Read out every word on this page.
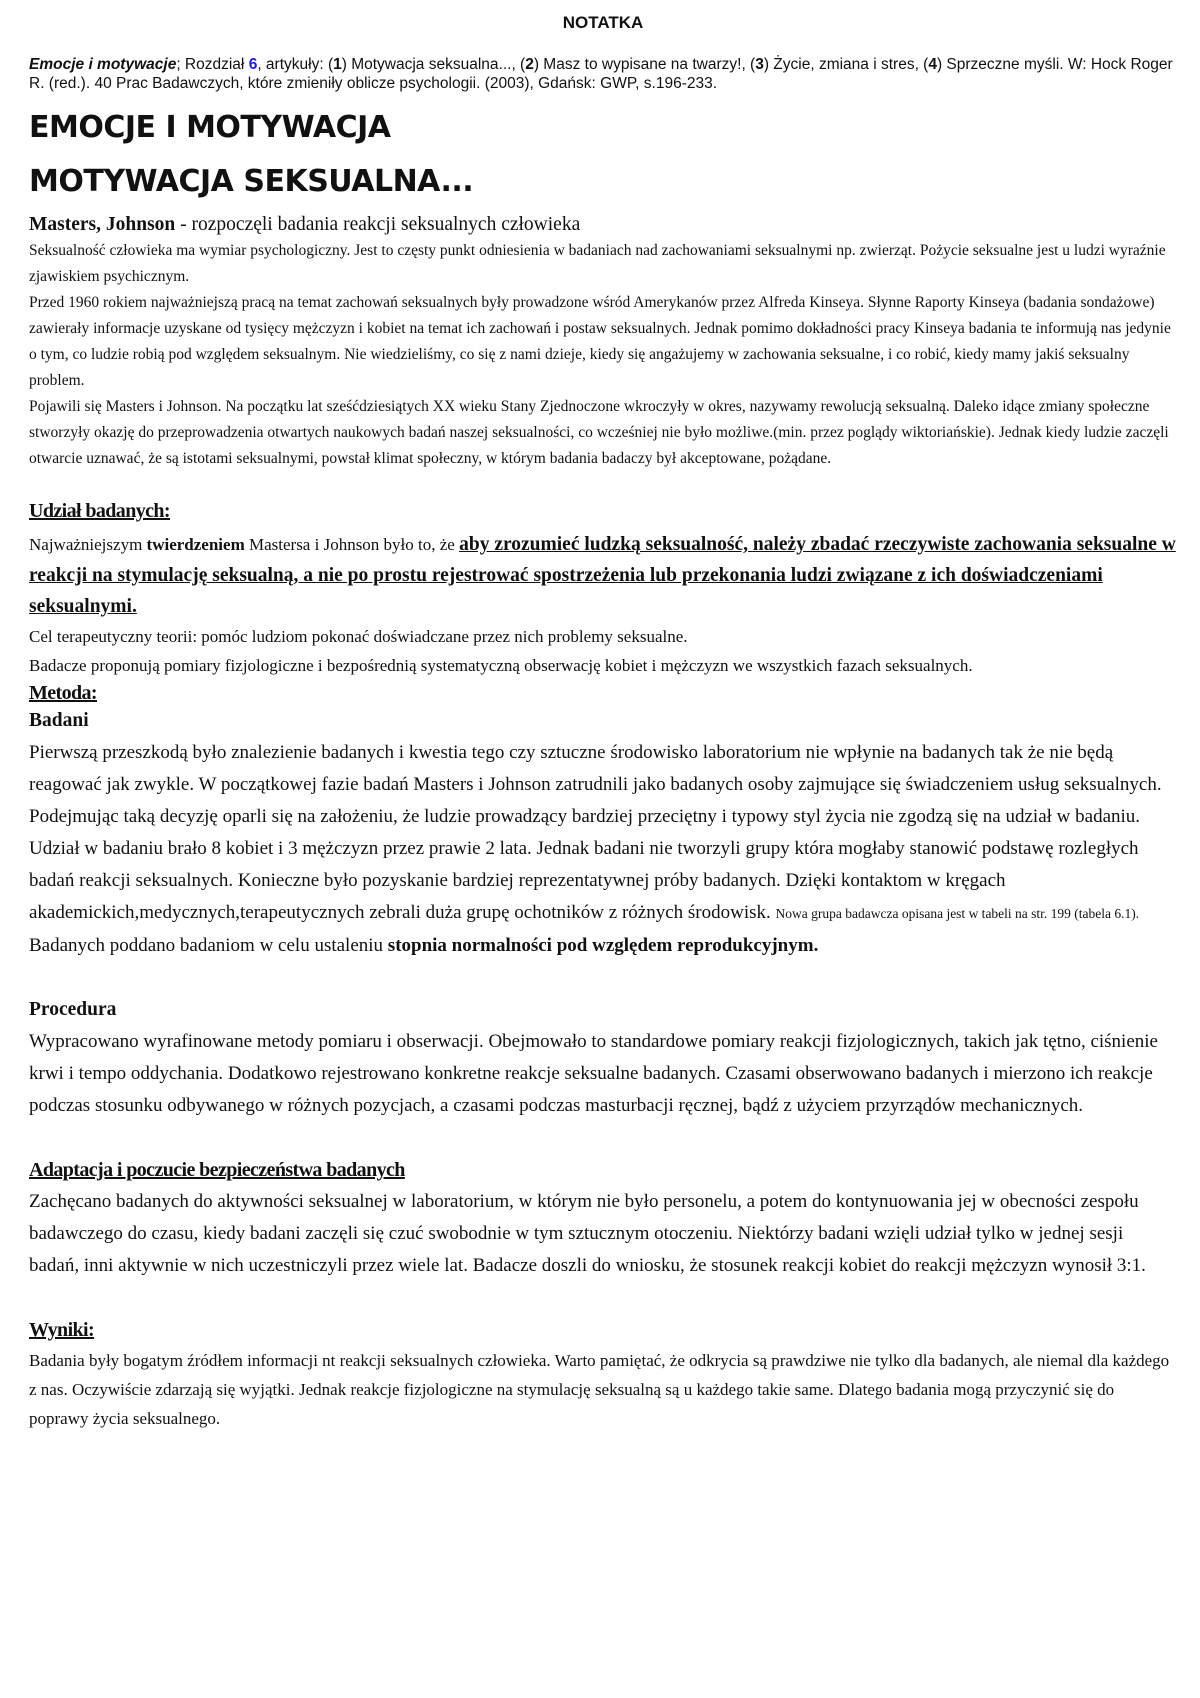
NOTATKA
Emocje i motywacje; Rozdział 6, artykuły: (1) Motywacja seksualna..., (2) Masz to wypisane na twarzy!, (3) Życie, zmiana i stres, (4) Sprzeczne myśli. W: Hock Roger R. (red.). 40 Prac Badawczych, które zmieniły oblicze psychologii. (2003), Gdańsk: GWP, s.196-233.
EMOCJE I MOTYWACJA
MOTYWACJA SEKSUALNA...

Masters, Johnson - rozpoczęli badania reakcji seksualnych człowieka

Seksualność człowieka ma wymiar psychologiczny. Jest to częsty punkt odniesienia w badaniach nad zachowaniami seksualnymi np. zwierząt. Pożycie seksualne jest u ludzi wyraźnie zjawiskiem psychicznym.

Przed 1960 rokiem najważniejszą pracą na temat zachowań seksualnych były prowadzone wśród Amerykanów przez Alfreda Kinseya. Słynne Raporty Kinseya (badania sondażowe) zawierały informacje uzyskane od tysięcy mężczyzn i kobiet na temat ich zachowań i postaw seksualnych. Jednak pomimo dokładności pracy Kinseya badania te informują nas jedynie o tym, co ludzie robią pod względem seksualnym. Nie wiedzieliśmy, co się z nami dzieje, kiedy się angażujemy w zachowania seksualne, i co robić, kiedy mamy jakiś seksualny problem.

Pojawili się Masters i Johnson. Na początku lat sześćdziesiątych XX wieku Stany Zjednoczone wkroczyły w okres, nazywamy rewolucją seksualną. Daleko idące zmiany społeczne stworzyły okazję do przeprowadzenia otwartych naukowych badań naszej seksualności, co wcześniej nie było możliwe.(min. przez poglądy wiktoriańskie). Jednak kiedy ludzie zaczęli otwarcie uznawać, że są istotami seksualnymi, powstał klimat społeczny, w którym badania badaczy był akceptowane, pożądane.

Udział badanych:

Najważniejszym twierdzeniem Mastersa i Johnson było to, że aby zrozumieć ludzką seksualność, należy zbadać rzeczywiste zachowania seksualne w reakcji na stymulację seksualną, a nie po prostu rejestrować spostrzeżenia lub przekonania ludzi związane z ich doświadczeniami seksualnymi.

Cel terapeutyczny teorii: pomóc ludziom pokonać doświadczane przez nich problemy seksualne.

Badacze proponują pomiary fizjologiczne i bezpośrednią systematyczną obserwację kobiet i mężczyzn we wszystkich fazach seksualnych.

Metoda:
Badani

Pierwszą przeszkodą było znalezienie badanych i kwestia tego czy sztuczne środowisko laboratorium nie wpłynie na badanych tak że nie będą reagować jak zwykle. W początkowej fazie badań Masters i Johnson zatrudnili jako badanych osoby zajmujące się świadczeniem usług seksualnych. Podejmując taką decyzję oparli się na założeniu, że ludzie prowadzący bardziej przeciętny i typowy styl życia nie zgodzą się na udział w badaniu. Udział w badaniu brało 8 kobiet i 3 mężczyzn przez prawie 2 lata. Jednak badani nie tworzyli grupy która mogłaby stanowić podstawę rozległych badań reakcji seksualnych. Konieczne było pozyskanie bardziej reprezentatywnej próby badanych. Dzięki kontaktom w kręgach akademickich,medycznych,terapeutycznych zebrali duża grupę ochotników z różnych środowisk. Nowa grupa badawcza opisana jest w tabeli na str. 199 (tabela 6.1). Badanych poddano badaniom w celu ustaleniu stopnia normalności pod względem reprodukcyjnym.

Procedura

Wypracowano wyrafinowane metody pomiaru i obserwacji. Obejmowało to standardowe pomiary reakcji fizjologicznych, takich jak tętno, ciśnienie krwi i tempo oddychania. Dodatkowo rejestrowano konkretne reakcje seksualne badanych. Czasami obserwowano badanych i mierzono ich reakcje podczas stosunku odbywanego w różnych pozycjach, a czasami podczas masturbacji ręcznej, bądź z użyciem przyrządów mechanicznych.

Adaptacja i poczucie bezpieczeństwa badanych

Zachęcano badanych do aktywności seksualnej w laboratorium, w którym nie było personelu, a potem do kontynuowania jej w obecności zespołu badawczego do czasu, kiedy badani zaczęli się czuć swobodnie w tym sztucznym otoczeniu. Niektórzy badani wzięli udział tylko w jednej sesji badań, inni aktywnie w nich uczestniczyli przez wiele lat. Badacze doszli do wniosku, że stosunek reakcji kobiet do reakcji mężczyzn wynosił 3:1.

Wyniki:

Badania były bogatym źródłem informacji nt reakcji seksualnych człowieka. Warto pamiętać, że odkrycia są prawdziwe nie tylko dla badanych, ale niemal dla każdego z nas. Oczywiście zdarzają się wyjątki. Jednak reakcje fizjologiczne na stymulację seksualną są u każdego takie same. Dlatego badania mogą przyczynić się do poprawy życia seksualnego.
